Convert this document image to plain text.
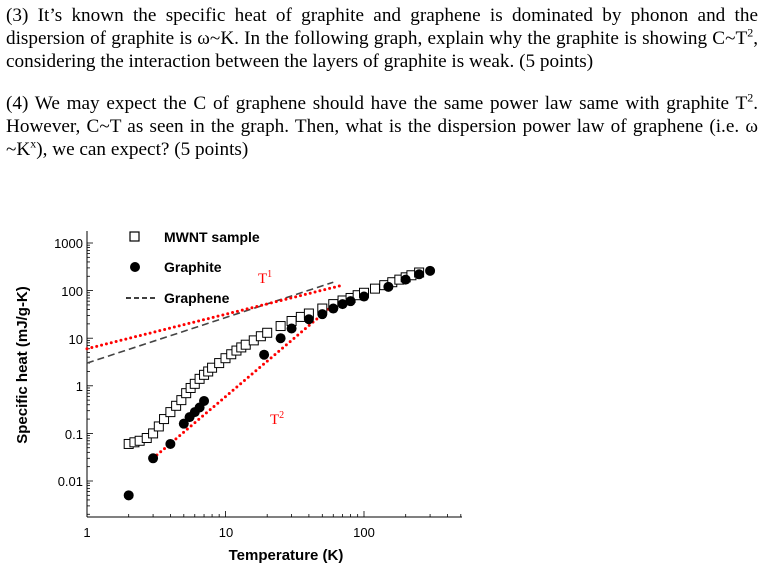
(3) It’s known the specific heat of graphite and graphene is dominated by phonon and the dispersion of graphite is ω~K. In the following graph, explain why the graphite is showing $C\sim T^2$, considering the interaction between the layers of graphite is weak. (5 points)
(4) We may expect the C of graphene should have the same power law same with graphite $T^2$. However, C~T as seen in the graph. Then, what is the dispersion power law of graphene (i.e. ω $\sim K^x$), we can expect? (5 points)
1000
100
10
1
0.1
0.01
1	10	100
Temperature (K)
Specific heat (mJ/g-K)
MWNT sample
Graphite
Graphene
$T^1$
$T^2$
